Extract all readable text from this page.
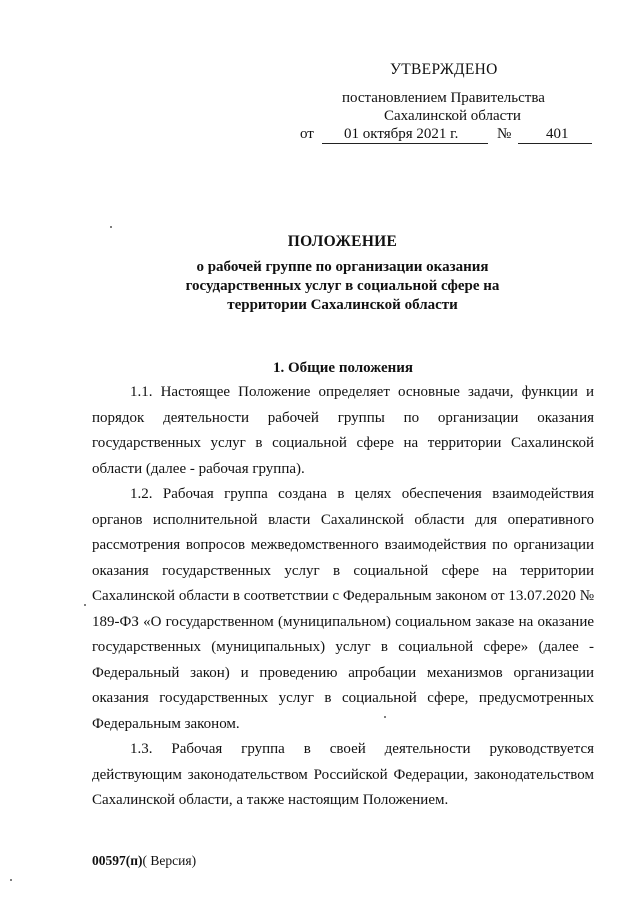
УТВЕРЖДЕНО
постановлением Правительства
Сахалинской области
от 01 октября 2021 г.	№ 401
ПОЛОЖЕНИЕ
о рабочей группе по организации оказания государственных услуг в социальной сфере на территории Сахалинской области
1. Общие положения

1.1. Настоящее Положение определяет основные задачи, функции и порядок деятельности рабочей группы по организации оказания государственных услуг в социальной сфере на территории Сахалинской области (далее - рабочая группа).

1.2. Рабочая группа создана в целях обеспечения взаимодействия органов исполнительной власти Сахалинской области для оперативного рассмотрения вопросов межведомственного взаимодействия по организации оказания государственных услуг в социальной сфере на территории Сахалинской области в соответствии с Федеральным законом от 13.07.2020 № 189-ФЗ «О государственном (муниципальном) социальном заказе на оказание государственных (муниципальных) услуг в социальной сфере» (далее - Федеральный закон) и проведению апробации механизмов организации оказания государственных услуг в социальной сфере, предусмотренных Федеральным законом.

1.3. Рабочая группа в своей деятельности руководствуется действующим законодательством Российской Федерации, законодательством Сахалинской области, а также настоящим Положением.

00597(п)( Версия)
